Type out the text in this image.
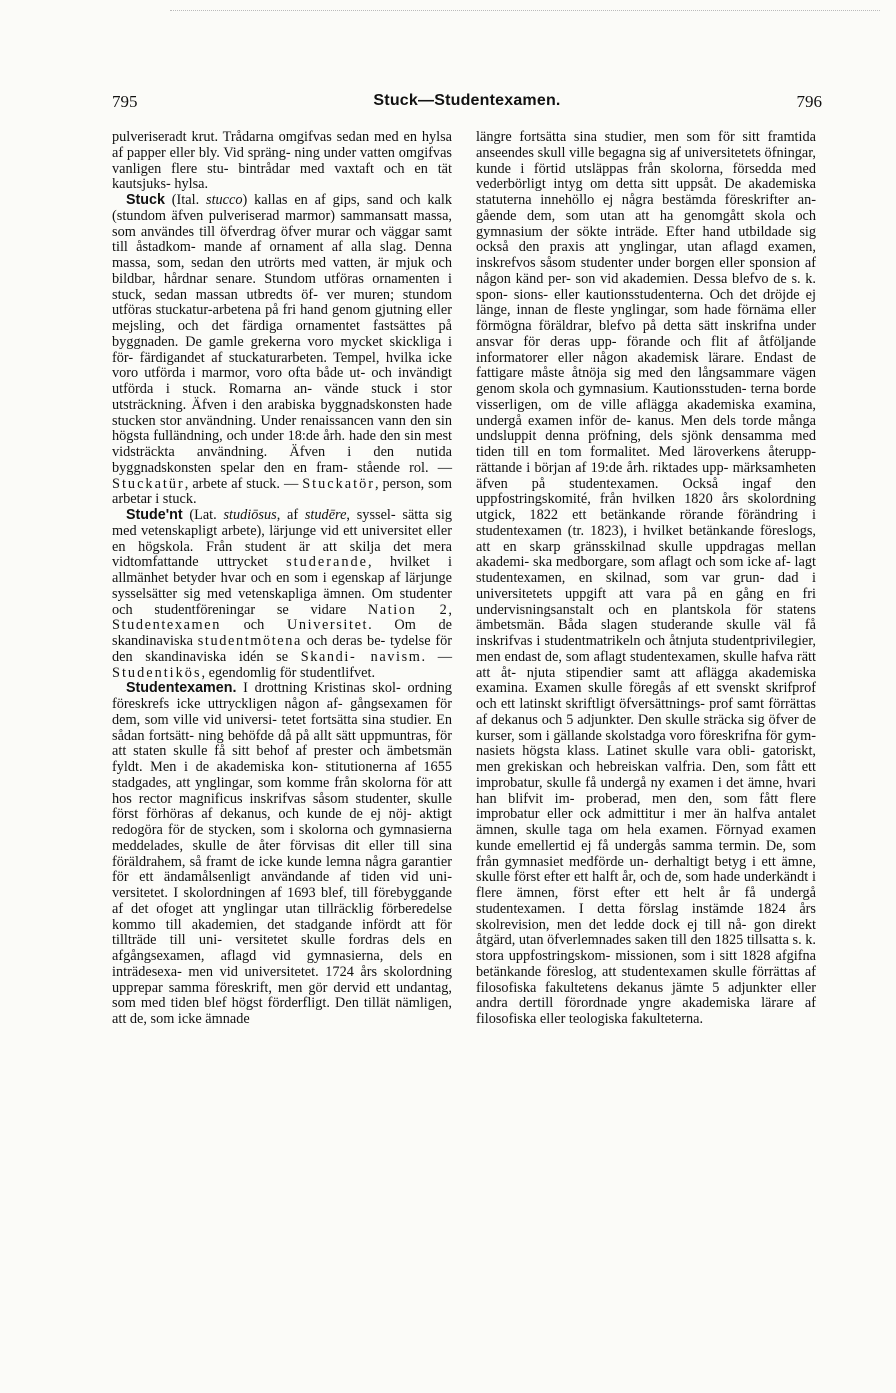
795	Stuck—Studentexamen.	796

pulveriseradt krut. Trådarna omgifvas sedan med en hylsa af papper eller bly. Vid spräng- ning under vatten omgifvas vanligen flere stu- bintrådar med vaxtaft och en tät kautsjuks- hylsa.

Stuck (Ital. stucco) kallas en af gips, sand och kalk (stundom äfven pulveriserad marmor) sammansatt massa, som användes till öfverdrag öfver murar och väggar samt till åstadkom- mande af ornament af alla slag. Denna massa, som, sedan den utrörts med vatten, är mjuk och bildbar, hårdnar senare. Stundom utföras ornamenten i stuck, sedan massan utbredts öf- ver muren; stundom utföras stuckatur-arbetena på fri hand genom gjutning eller mejsling, och det färdiga ornamentet fastsättes på byggnaden. De gamle grekerna voro mycket skickliga i för- färdigandet af stuckaturarbeten. Tempel, hvilka icke voro utförda i marmor, voro ofta både ut- och invändigt utförda i stuck. Romarna an- vände stuck i stor utsträckning. Äfven i den arabiska byggnadskonsten hade stucken stor användning. Under renaissancen vann den sin högsta fulländning, och under 18:de årh. hade den sin mest vidsträckta användning. Äfven i den nutida byggnadskonsten spelar den en fram- stående rol. — Stuckatür, arbete af stuck. — Stuckatör, person, som arbetar i stuck.

Stude'nt (Lat. studiōsus, af studēre, syssel- sätta sig med vetenskapligt arbete), lärjunge vid ett universitet eller en högskola. Från student är att skilja det mera vidtomfattande uttrycket studerande, hvilket i allmänhet betyder hvar och en som i egenskap af lärjunge sysselsätter sig med vetenskapliga ämnen. Om studenter och studentföreningar se vidare Nation 2, Studentexamen och Universitet. Om de skandinaviska studentmötena och deras be- tydelse för den skandinaviska idén se Skandi- navism. — Studentikös, egendomlig för studentlifvet.

Studentexamen. I drottning Kristinas skol- ordning föreskrefs icke uttryckligen någon af- gångsexamen för dem, som ville vid universi- tetet fortsätta sina studier. En sådan fortsätt- ning behöfde då på allt sätt uppmuntras, för att staten skulle få sitt behof af prester och ämbetsmän fyldt. Men i de akademiska kon- stitutionerna af 1655 stadgades, att ynglingar, som komme från skolorna för att hos rector magnificus inskrifvas såsom studenter, skulle först förhöras af dekanus, och kunde de ej nöj- aktigt redogöra för de stycken, som i skolorna och gymnasierna meddelades, skulle de åter förvisas dit eller till sina föräldrahem, så framt de icke kunde lemna några garantier för ett ändamålsenligt användande af tiden vid uni- versitetet. I skolordningen af 1693 blef, till förebyggande af det ofoget att ynglingar utan tillräcklig förberedelse kommo till akademien, det stadgande infördt att för tillträde till uni- versitetet skulle fordras dels en afgångsexamen, aflagd vid gymnasierna, dels en inträdesexa- men vid universitetet. 1724 års skolordning upprepar samma föreskrift, men gör dervid ett undantag, som med tiden blef högst förderfligt. Den tillät nämligen, att de, som icke ämnade

längre fortsätta sina studier, men som för sitt framtida anseendes skull ville begagna sig af universitetets öfningar, kunde i förtid utsläppas från skolorna, försedda med vederbörligt intyg om detta sitt uppsåt. De akademiska statuterna innehöllo ej några bestämda föreskrifter an- gående dem, som utan att ha genomgått skola och gymnasium der sökte inträde. Efter hand utbildade sig också den praxis att ynglingar, utan aflagd examen, inskrefvos såsom studenter under borgen eller sponsion af någon känd per- son vid akademien. Dessa blefvo de s. k. spon- sions- eller kautionsstudenterna. Och det dröjde ej länge, innan de fleste ynglingar, som hade förnäma eller förmögna föräldrar, blefvo på detta sätt inskrifna under ansvar för deras upp- förande och flit af åtföljande informatorer eller någon akademisk lärare. Endast de fattigare måste åtnöja sig med den långsammare vägen genom skola och gymnasium. Kautionsstuden- terna borde visserligen, om de ville aflägga akademiska examina, undergå examen inför de- kanus. Men dels torde många undsluppit denna pröfning, dels sjönk densamma med tiden till en tom formalitet. Med läroverkens återupp- rättande i början af 19:de årh. riktades upp- märksamheten äfven på studentexamen. Också ingaf den uppfostringskomité, från hvilken 1820 års skolordning utgick, 1822 ett betänkande rörande förändring i studentexamen (tr. 1823), i hvilket betänkande föreslogs, att en skarp gränsskilnad skulle uppdragas mellan akademi- ska medborgare, som aflagt och som icke af- lagt studentexamen, en skilnad, som var grun- dad i universitetets uppgift att vara på en gång en fri undervisningsanstalt och en plantskola för statens ämbetsmän. Båda slagen studerande skulle väl få inskrifvas i studentmatrikeln och åtnjuta studentprivilegier, men endast de, som aflagt studentexamen, skulle hafva rätt att åt- njuta stipendier samt att aflägga akademiska examina. Examen skulle föregås af ett svenskt skrifprof och ett latinskt skriftligt öfversättnings- prof samt förrättas af dekanus och 5 adjunkter. Den skulle sträcka sig öfver de kurser, som i gällande skolstadga voro föreskrifna för gym- nasiets högsta klass. Latinet skulle vara obli- gatoriskt, men grekiskan och hebreiskan valfria. Den, som fått ett improbatur, skulle få undergå ny examen i det ämne, hvari han blifvit im- proberad, men den, som fått flere improbatur eller ock admittitur i mer än halfva antalet ämnen, skulle taga om hela examen. Förnyad examen kunde emellertid ej få undergås samma termin. De, som från gymnasiet medförde un- derhaltigt betyg i ett ämne, skulle först efter ett halft år, och de, som hade underkändt i flere ämnen, först efter ett helt år få undergå studentexamen. I detta förslag instämde 1824 års skolrevision, men det ledde dock ej till nå- gon direkt åtgärd, utan öfverlemnades saken till den 1825 tillsatta s. k. stora uppfostringskom- missionen, som i sitt 1828 afgifna betänkande föreslog, att studentexamen skulle förrättas af filosofiska fakultetens dekanus jämte 5 adjunkter eller andra dertill förordnade yngre akademiska lärare af filosofiska eller teologiska fakulteterna.
